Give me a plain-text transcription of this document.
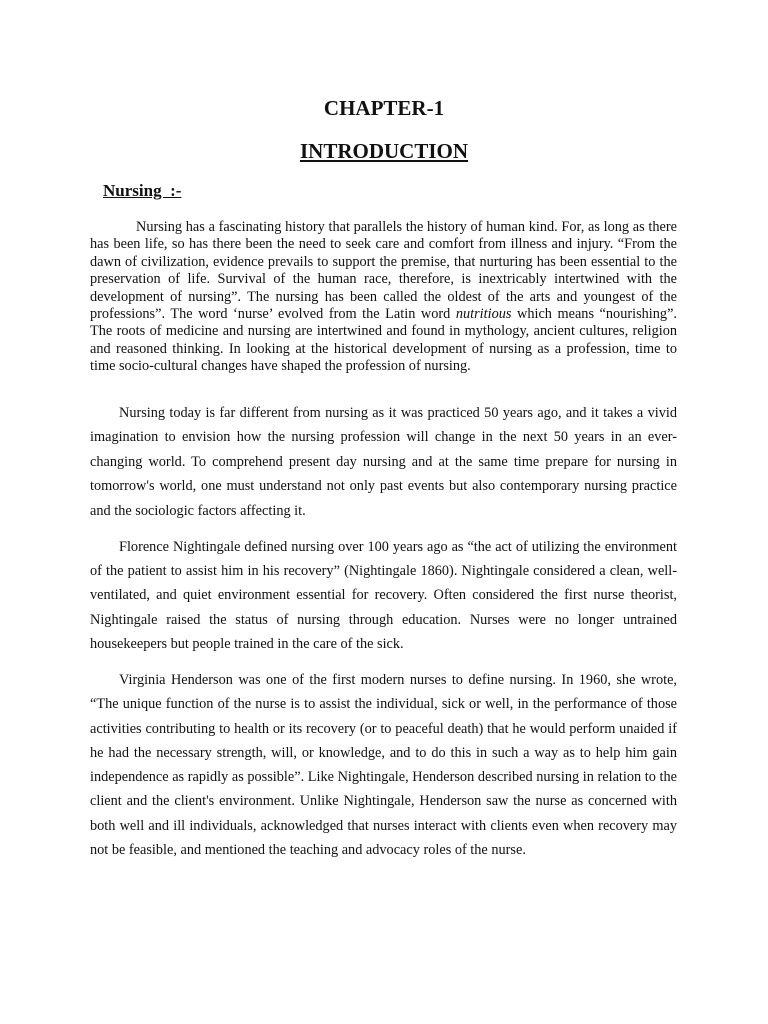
CHAPTER-1
INTRODUCTION
Nursing  :-

Nursing has a fascinating history that parallels the history of human kind. For, as long as there has been life, so has there been the need to seek care and comfort from illness and injury. “From the dawn of civilization, evidence prevails to support the premise, that nurturing has been essential to the preservation of life. Survival of the human race, therefore, is inextricably intertwined with the development of nursing”. The nursing has been called the oldest of the arts and youngest of the professions”. The word ‘nurse’ evolved from the Latin word nutritious which means “nourishing”. The roots of medicine and nursing are intertwined and found in mythology, ancient cultures, religion and reasoned thinking. In looking at the historical development of nursing as a profession, time to time socio-cultural changes have shaped the profession of nursing.

Nursing today is far different from nursing as it was practiced 50 years ago, and it takes a vivid imagination to envision how the nursing profession will change in the next 50 years in an ever-changing world. To comprehend present day nursing and at the same time prepare for nursing in tomorrow's world, one must understand not only past events but also contemporary nursing practice and the sociologic factors affecting it.

Florence Nightingale defined nursing over 100 years ago as “the act of utilizing the environment of the patient to assist him in his recovery” (Nightingale 1860). Nightingale considered a clean, well-ventilated, and quiet environment essential for recovery. Often considered the first nurse theorist, Nightingale raised the status of nursing through education. Nurses were no longer untrained housekeepers but people trained in the care of the sick.

Virginia Henderson was one of the first modern nurses to define nursing. In 1960, she wrote, “The unique function of the nurse is to assist the individual, sick or well, in the performance of those activities contributing to health or its recovery (or to peaceful death) that he would perform unaided if he had the necessary strength, will, or knowledge, and to do this in such a way as to help him gain independence as rapidly as possible”. Like Nightingale, Henderson described nursing in relation to the client and the client's environment. Unlike Nightingale, Henderson saw the nurse as concerned with both well and ill individuals, acknowledged that nurses interact with clients even when recovery may not be feasible, and mentioned the teaching and advocacy roles of the nurse.
